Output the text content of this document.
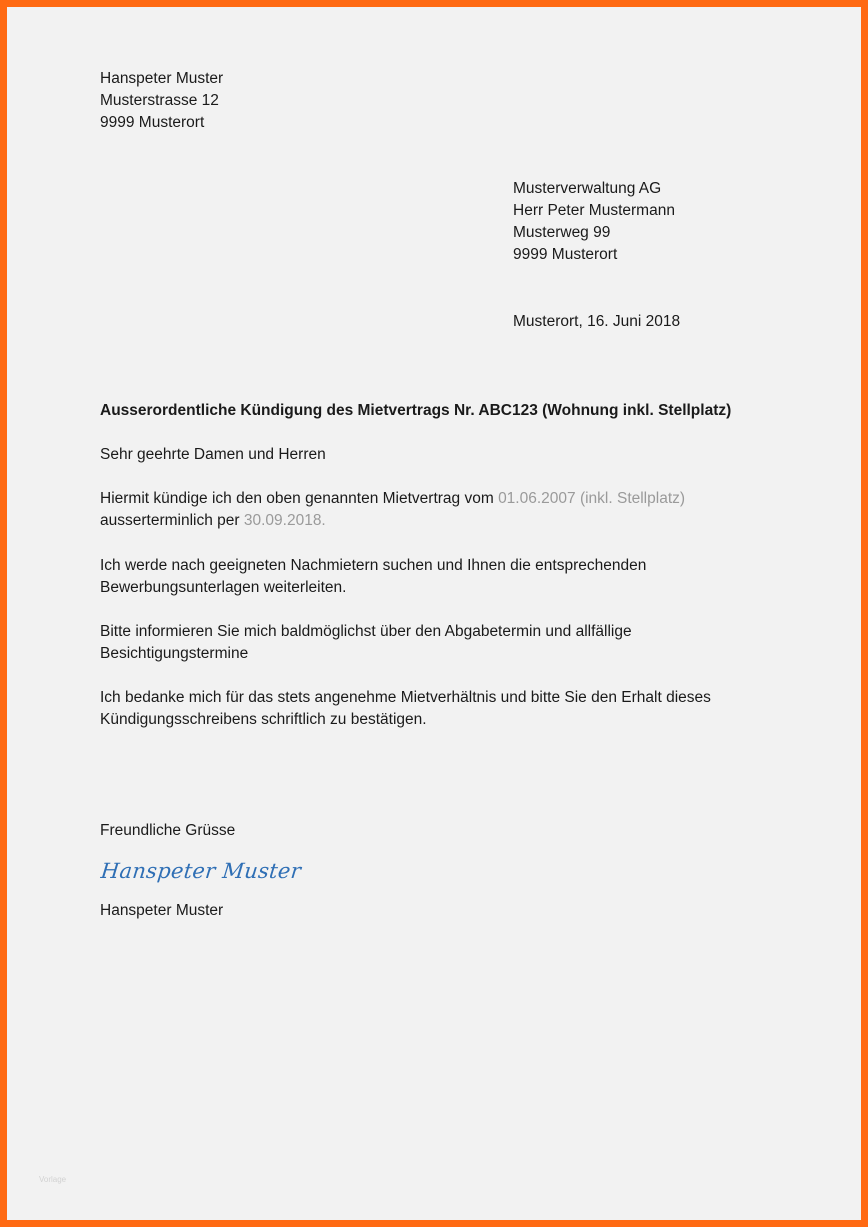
Hanspeter Muster
Musterstrasse 12
9999 Musterort
Musterverwaltung AG
Herr Peter Mustermann
Musterweg 99
9999 Musterort
Musterort, 16. Juni 2018
Ausserordentliche Kündigung des Mietvertrags Nr. ABC123 (Wohnung inkl. Stellplatz)
Sehr geehrte Damen und Herren
Hiermit kündige ich den oben genannten Mietvertrag vom 01.06.2007 (inkl. Stellplatz)
ausserterminlich per 30.09.2018.
Ich werde nach geeigneten Nachmietern suchen und Ihnen die entsprechenden
Bewerbungsunterlagen weiterleiten.
Bitte informieren Sie mich baldmöglichst über den Abgabetermin und allfällige
Besichtigungstermine
Ich bedanke mich für das stets angenehme Mietverhältnis und bitte Sie den Erhalt dieses
Kündigungsschreibens schriftlich zu bestätigen.
Freundliche Grüsse
Hanspeter Muster
Hanspeter Muster
Vorlage
